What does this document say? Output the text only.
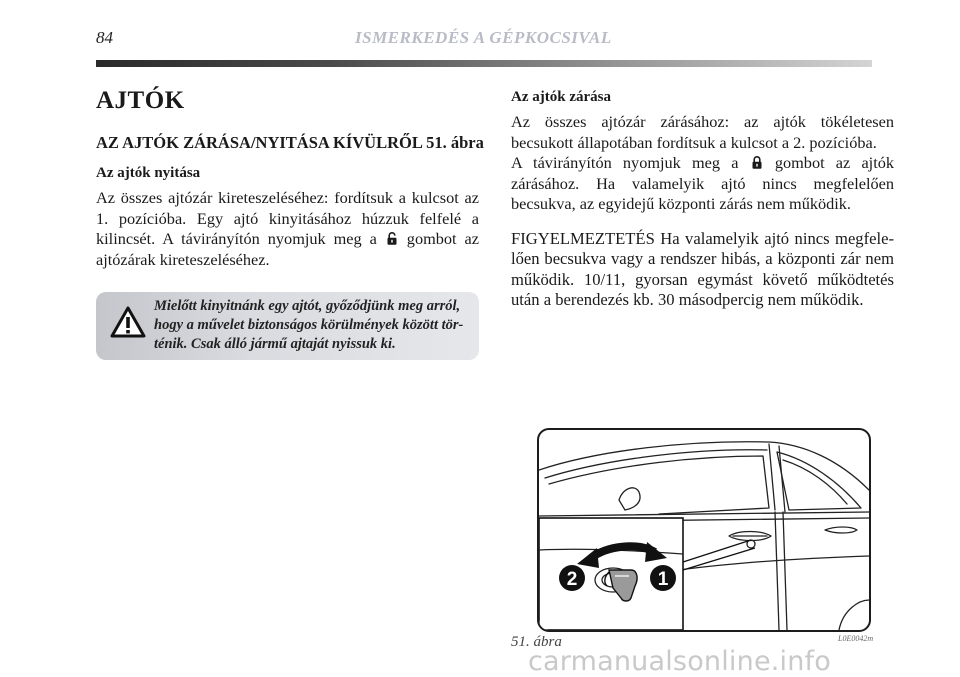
84	ISMERKEDÉS A GÉPKOCSIVAL
AJTÓK
AZ AJTÓK ZÁRÁSA/NYITÁSA KÍVÜLRŐL 51. ábra
Az ajtók nyitása

Az összes ajtózár kireteszeléséhez: fordítsuk a kulcsot az 1. pozícióba. Egy ajtó kinyitásához húzzuk felfelé a kilincsét. A távirányítón nyomjuk meg a gombot az ajtózárak kireteszeléséhez.

Mielőtt kinyitnánk egy ajtót, győződjünk meg arról,
hogy a művelet biztonságos körülmények között tör-
ténik. Csak álló jármű ajtaját nyissuk ki.
Az ajtók zárása

Az összes ajtózár zárásához: az ajtók tökéletesen becsukott állapotában fordítsuk a kulcsot a 2. pozícióba.

A távirányítón nyomjuk meg a gombot az ajtók zárásához. Ha valamelyik ajtó nincs megfelelően becsukva, az egyidejű központi zárás nem működik.

FIGYELMEZTETÉS Ha valamelyik ajtó nincs megfelelően becsukva vagy a rendszer hibás, a központi zár nem működik. 10/11, gyorsan egymást követő működtetés után a berendezés kb. 30 másodpercig nem működik.

2	1
51. ábra	L0E0042m
carmanualsonline.info
